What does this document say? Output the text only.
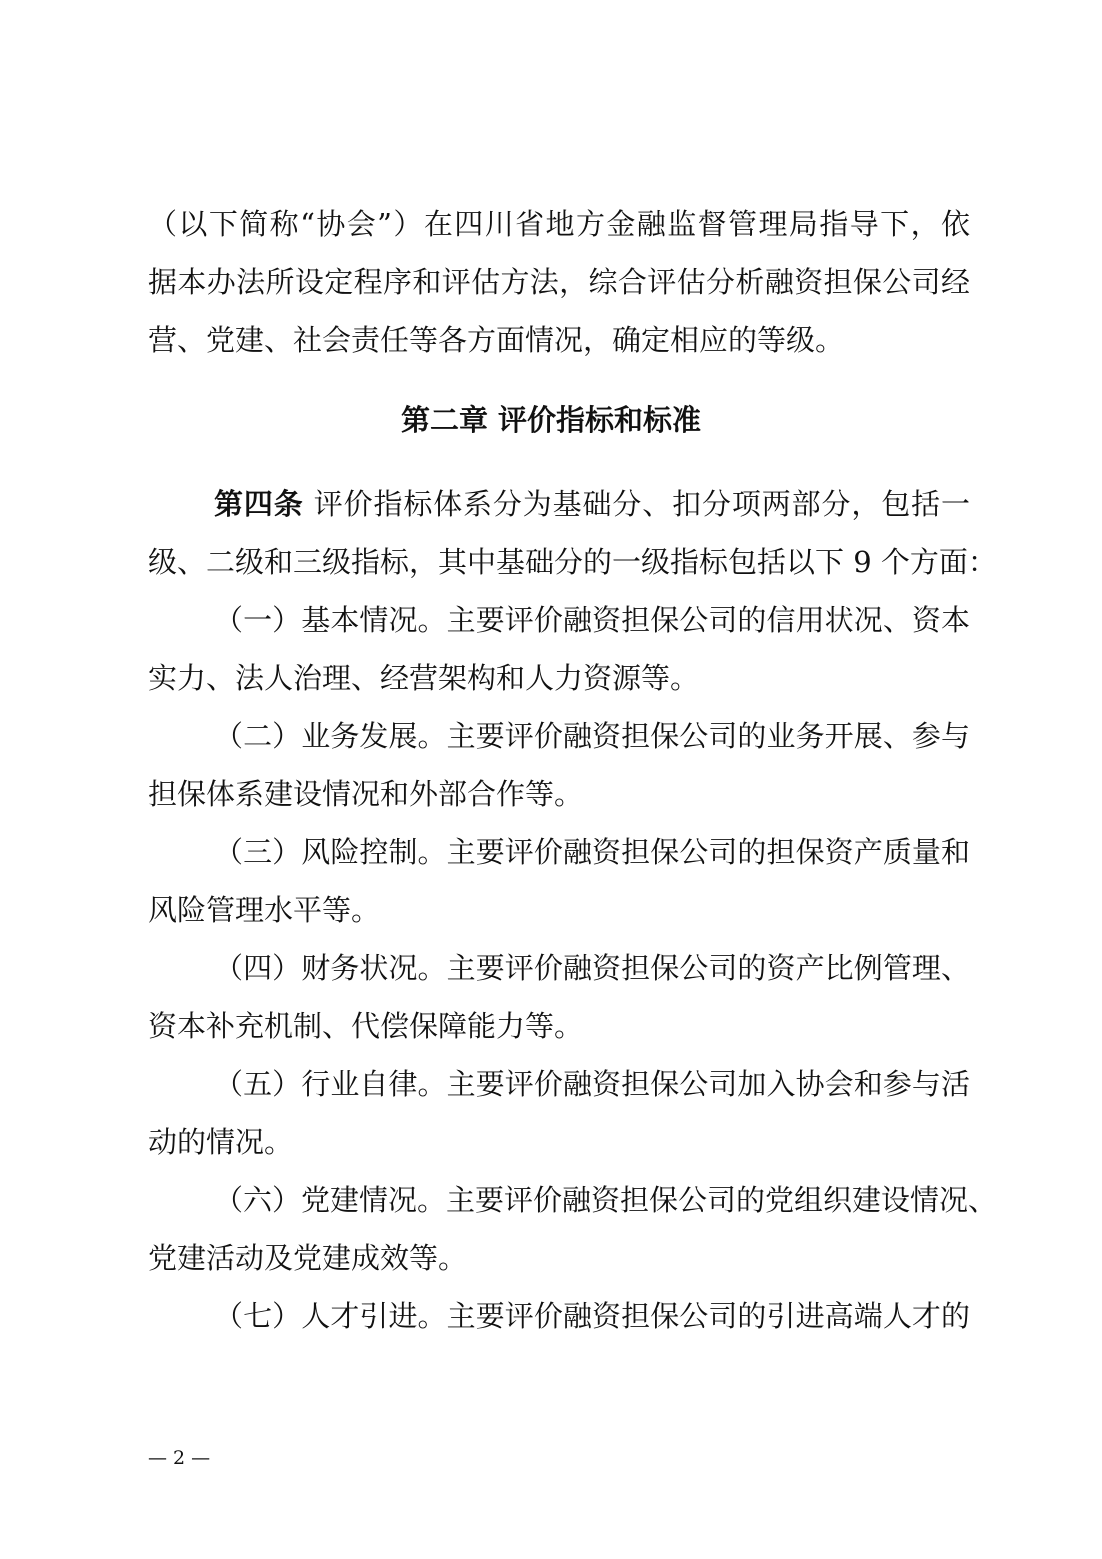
（以下简称“协会”）在四川省地方金融监督管理局指导下，依
据本办法所设定程序和评估方法，综合评估分析融资担保公司经
营、党建、社会责任等各方面情况，确定相应的等级。
第二章 评价指标和标准
第四条 评价指标体系分为基础分、扣分项两部分，包括一
级、二级和三级指标，其中基础分的一级指标包括以下 9 个方面：
（一）基本情况。主要评价融资担保公司的信用状况、资本
实力、法人治理、经营架构和人力资源等。
（二）业务发展。主要评价融资担保公司的业务开展、参与
担保体系建设情况和外部合作等。
（三）风险控制。主要评价融资担保公司的担保资产质量和
风险管理水平等。
（四）财务状况。主要评价融资担保公司的资产比例管理、
资本补充机制、代偿保障能力等。
（五）行业自律。主要评价融资担保公司加入协会和参与活
动的情况。
（六）党建情况。主要评价融资担保公司的党组织建设情况、
党建活动及党建成效等。
（七）人才引进。主要评价融资担保公司的引进高端人才的
— 2 —
